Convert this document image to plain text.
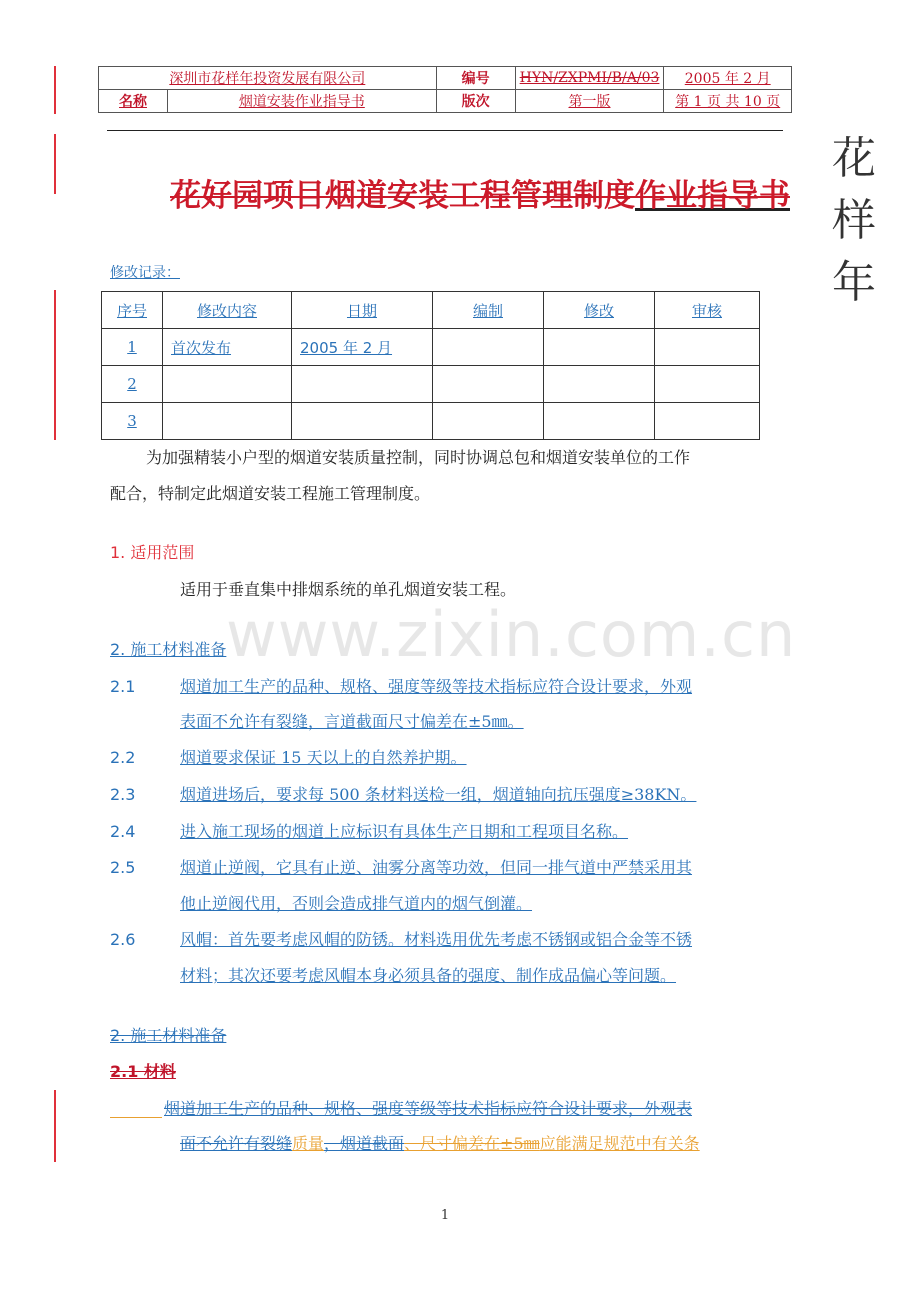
深圳市花样年投资发展有限公司		编号	HYN/ZXPMI/B/A/03	2005 年 2 月
名称	烟道安装作业指导书	版次	第一版	第 1 页 共 10 页
花
样
年
花好园项目烟道安装工程管理制度作业指导书
修改记录：
序号	修改内容	日期	编制	修改	审核
1	首次发布	2005 年 2 月			
2					
3					
为加强精装小户型的烟道安装质量控制，同时协调总包和烟道安装单位的工作
配合，特制定此烟道安装工程施工管理制度。
1. 适用范围
适用于垂直集中排烟系统的单孔烟道安装工程。
www.zixin.com.cn
2. 施工材料准备
2.1	烟道加工生产的品种、规格、强度等级等技术指标应符合设计要求，外观
表面不允许有裂缝，言道截面尺寸偏差在±5㎜。
2.2	烟道要求保证 15 天以上的自然养护期。
2.3	烟道进场后，要求每 500 条材料送检一组，烟道轴向抗压强度≥38KN。
2.4	进入施工现场的烟道上应标识有具体生产日期和工程项目名称。
2.5	烟道止逆阀，它具有止逆、油雾分离等功效，但同一排气道中严禁采用其
他止逆阀代用，否则会造成排气道内的烟气倒灌。
2.6	风帽：首先要考虑风帽的防锈。材料选用优先考虑不锈钢或铝合金等不锈
材料；其次还要考虑风帽本身必须具备的强度、制作成品偏心等问题。
2. 施工材料准备
2.1 材料
烟道加工生产的品种、规格、强度等级等技术指标应符合设计要求，外观表
面不允许有裂缝质量，烟道截面、尺寸偏差在±5㎜应能满足规范中有关条
1
